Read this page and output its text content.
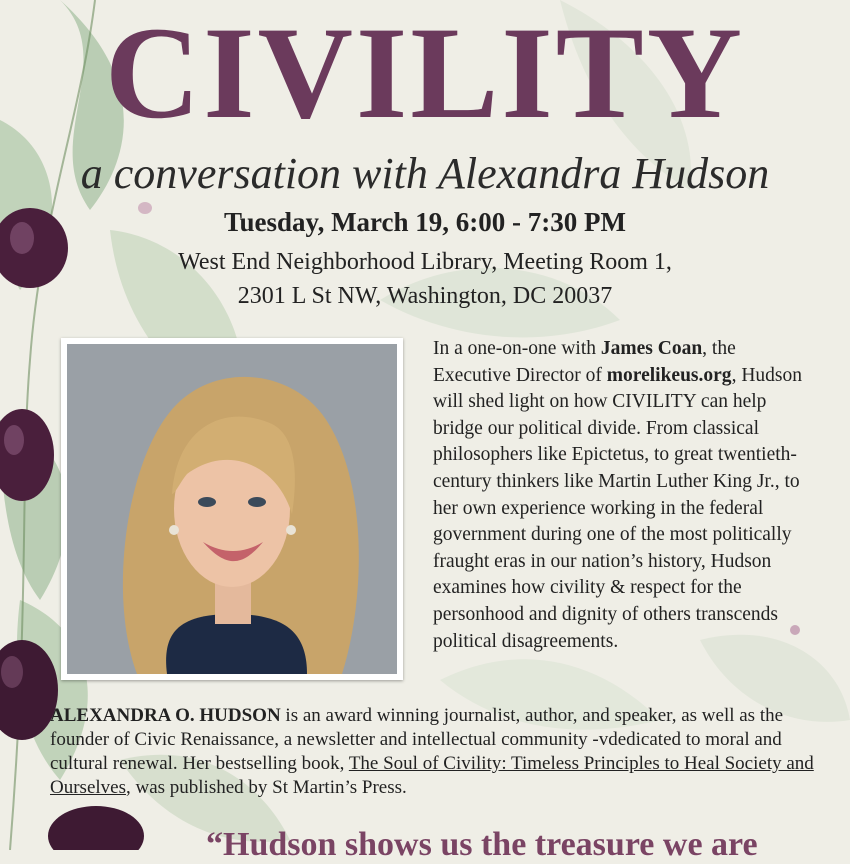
CIVILITY
a conversation with Alexandra Hudson
Tuesday, March 19, 6:00 - 7:30 PM
West End Neighborhood Library, Meeting Room 1,
2301 L St NW, Washington, DC 20037
In a one-on-one with James Coan, the Executive Director of morelikeus.org, Hudson will shed light on how CIVILITY can help bridge our political divide. From classical philosophers like Epictetus, to great twentieth-century thinkers like Martin Luther King Jr., to her own experience working in the federal government during one of the most politically fraught eras in our nation’s history, Hudson examines how civility & respect for the personhood and dignity of others transcends political disagreements.
ALEXANDRA O. HUDSON is an award winning journalist, author, and speaker, as well as the founder of Civic Renaissance, a newsletter and intellectual community -vdedicated to moral and cultural renewal. Her bestselling book, The Soul of Civility: Timeless Principles to Heal Society and Ourselves, was published by St Martin’s Press.
“Hudson shows us the treasure we are
